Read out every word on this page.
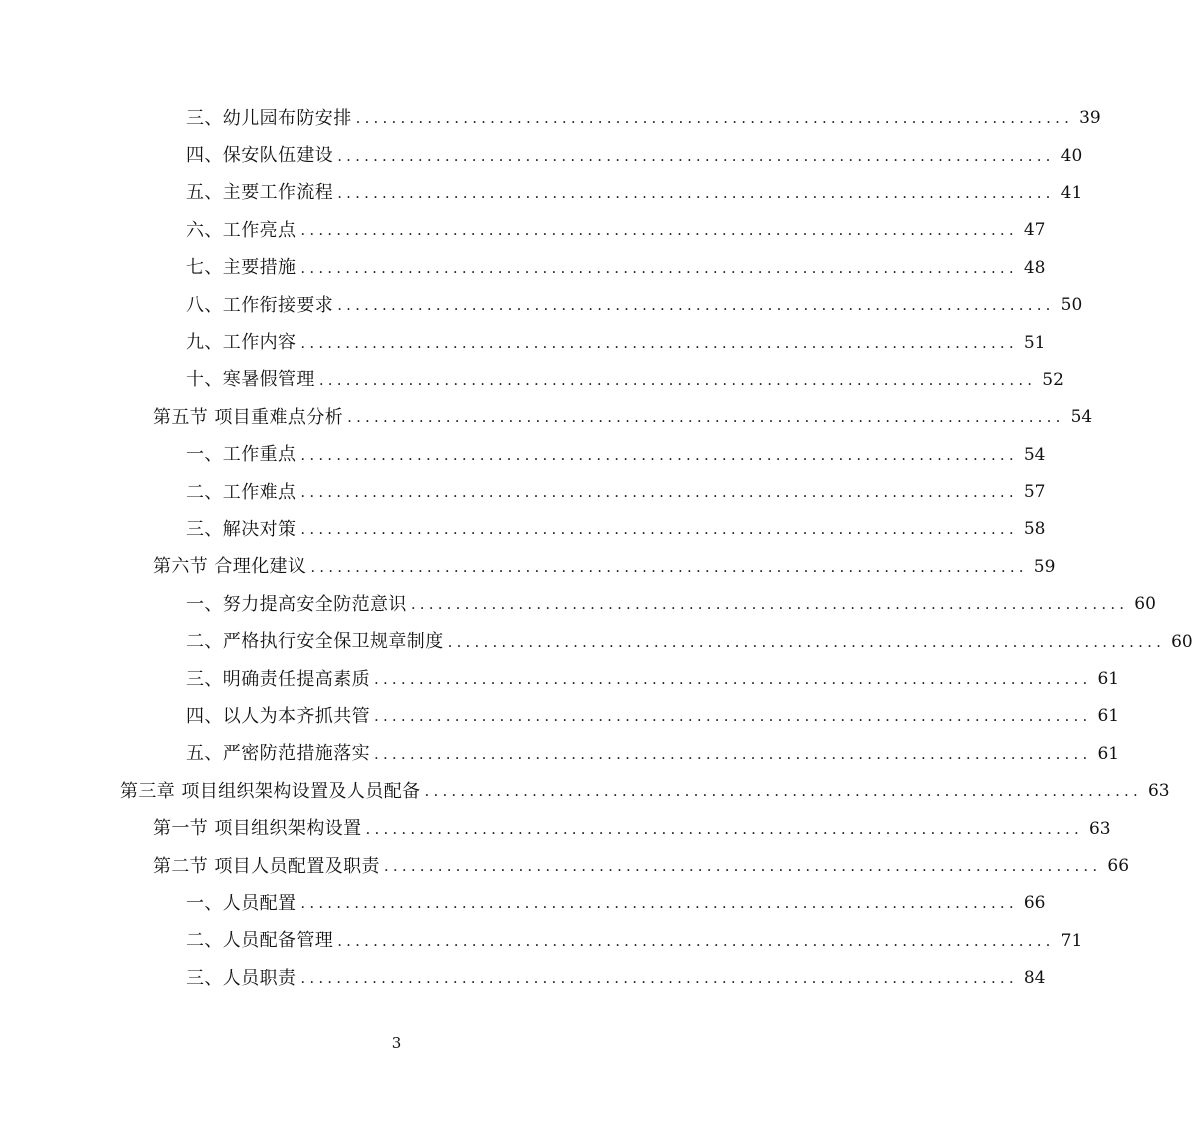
三、幼儿园布防安排 ................................................................................ 39
四、保安队伍建设 ................................................................................ 40
五、主要工作流程 ................................................................................ 41
六、工作亮点 ................................................................................ 47
七、主要措施 ................................................................................ 48
八、工作衔接要求 ................................................................................ 50
九、工作内容 ................................................................................ 51
十、寒暑假管理 ................................................................................ 52
第五节 项目重难点分析 ................................................................................ 54
一、工作重点 ................................................................................ 54
二、工作难点 ................................................................................ 57
三、解决对策 ................................................................................ 58
第六节 合理化建议 ................................................................................ 59
一、努力提高安全防范意识 ................................................................................ 60
二、严格执行安全保卫规章制度 ................................................................................ 60
三、明确责任提高素质 ................................................................................ 61
四、以人为本齐抓共管 ................................................................................ 61
五、严密防范措施落实 ................................................................................ 61
第三章 项目组织架构设置及人员配备 ................................................................................ 63
第一节 项目组织架构设置 ................................................................................ 63
第二节 项目人员配置及职责 ................................................................................ 66
一、人员配置 ................................................................................ 66
二、人员配备管理 ................................................................................ 71
三、人员职责 ................................................................................ 84
3
